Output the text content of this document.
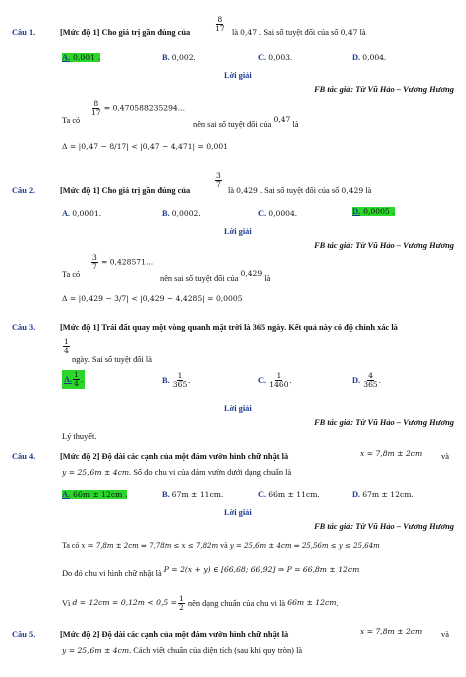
Câu 1.	[Mức độ 1] Cho giá trị gần đúng của	$\frac{8}{17}$ là 0,47 . Sai số tuyệt đối của số 0,47 là
A. 0,001 .	B. 0,002.	C. 0,003.	D. 0,004.
Lời giải
FB tác giả: Từ Vũ Hảo – Vương Hương
Ta có
$\frac{8}{17} = 0,470588235294$...
nên sai số tuyệt đối của 0,47 là
Δ = |0,47 − 8/17| < |0,47 − 4,471| = 0,001
Câu 2.	[Mức độ 1] Cho giá trị gần đúng của
$\frac{3}{7}$
là 0,429 . Sai số tuyệt đối của số 0,429 là
A. 0,0001.	B. 0,0002.	C. 0,0004.	D. 0,0005 .
Lời giải
FB tác giả: Từ Vũ Hảo – Vương Hương
Ta có
$\frac{3}{7} = 0,428571$...
nên sai số tuyệt đối của 0,429 là
Δ = |0,429 − 3/7| < |0,429 − 4,4285| = 0,0005
Câu 3.	[Mức độ 1] Trái đất quay một vòng quanh mặt trời là 365 ngày. Kết quả này có độ chính xác là
$\frac{1}{4}$
ngày. Sai số tuyệt đối là
A. $\frac{1}{4}$ .	B.
$\frac{1}{365}$ .	C.
$\frac{1}{1460}$ .	D.
$\frac{4}{365}$ .
Lời giải
FB tác giả: Từ Vũ Hảo – Vương Hương
Lý thuyết.
Câu 4.	[Mức độ 2] Độ dài các cạnh của một đám vườn hình chữ nhật là	x = 7,8m ± 2cm và
y = 25,6m ± 4cm. Số đo chu vi của đám vườn dưới dạng chuẩn là
A. 66m ± 12cm .	B. 67m ± 11cm.	C. 66m ± 11cm.	D. 67m ± 12cm.
Lời giải
FB tác giả: Từ Vũ Hảo – Vương Hương
Ta có x = 7,8m ± 2cm ⇒ 7,78m ≤ x ≤ 7,82m và y = 25,6m ± 4cm ⇒ 25,56m ≤ y ≤ 25,64m
Do đó chu vi hình chữ nhật là P = 2(x + y) ∈ [66,68; 66,92] ⇒ P = 66,8m ± 12cm
Vì
$d = 12cm = 0,12m < 0,5 = \frac{1}{2}$
nên dạng chuẩn của chu vi là
66m ± 12cm .
Câu 5.	[Mức độ 2] Độ dài các cạnh của một đám vườn hình chữ nhật là	x = 7,8m ± 2cm và
y = 25,6m ± 4cm. Cách viết chuẩn của diện tích (sau khi quy tròn) là
